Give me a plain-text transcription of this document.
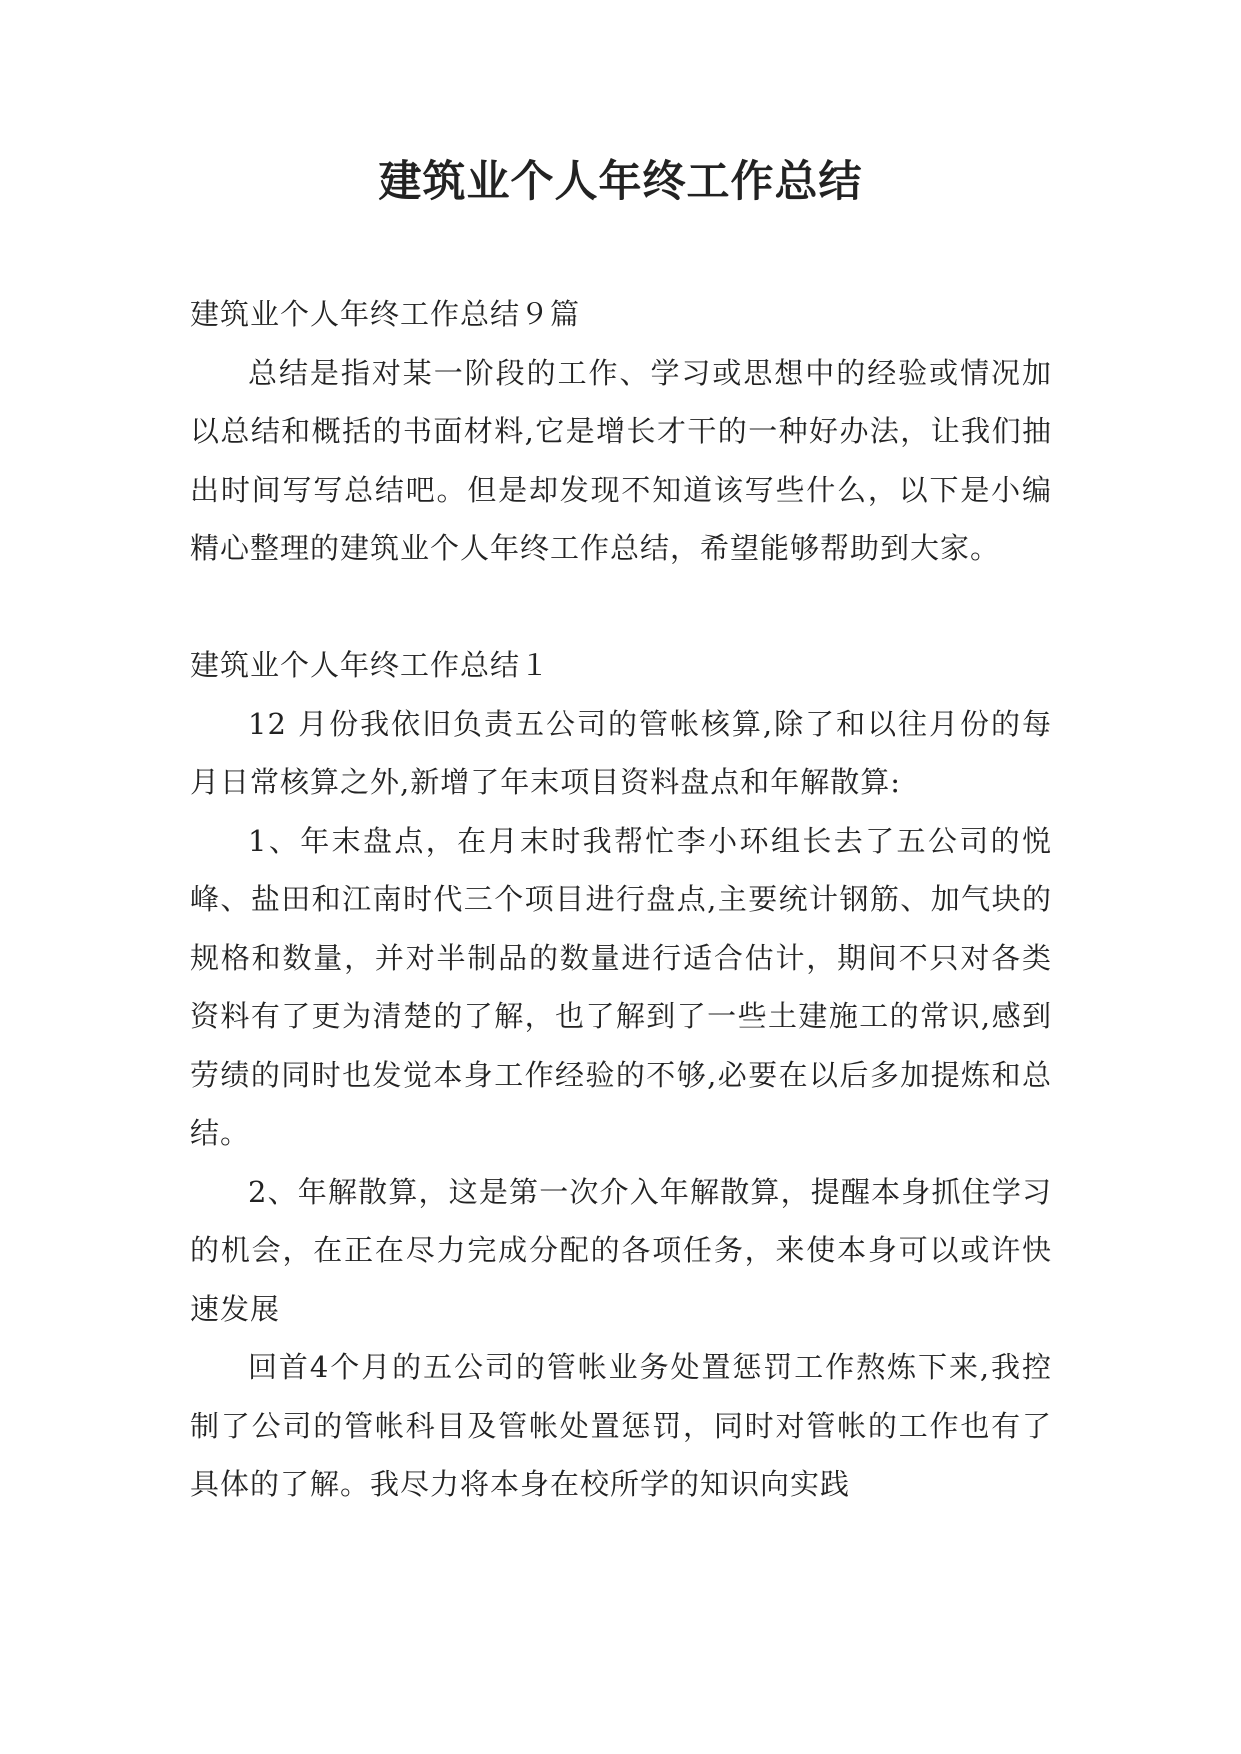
建筑业个人年终工作总结

建筑业个人年终工作总结９篇

总结是指对某一阶段的工作、学习或思想中的经验或情况加以总结和概括的书面材料,它是增长才干的一种好办法，让我们抽出时间写写总结吧。但是却发现不知道该写些什么，以下是小编精心整理的建筑业个人年终工作总结，希望能够帮助到大家。

建筑业个人年终工作总结１

12 月份我依旧负责五公司的管帐核算,除了和以往月份的每月日常核算之外,新增了年末项目资料盘点和年解散算:

1、年末盘点，在月末时我帮忙李小环组长去了五公司的悦峰、盐田和江南时代三个项目进行盘点,主要统计钢筋、加气块的规格和数量，并对半制品的数量进行适合估计，期间不只对各类资料有了更为清楚的了解，也了解到了一些土建施工的常识,感到劳绩的同时也发觉本身工作经验的不够,必要在以后多加提炼和总结。

2、年解散算，这是第一次介入年解散算，提醒本身抓住学习的机会，在正在尽力完成分配的各项任务，来使本身可以或许快速发展

回首4个月的五公司的管帐业务处置惩罚工作熬炼下来,我控制了公司的管帐科目及管帐处置惩罚，同时对管帐的工作也有了具体的了解。我尽力将本身在校所学的知识向实践
